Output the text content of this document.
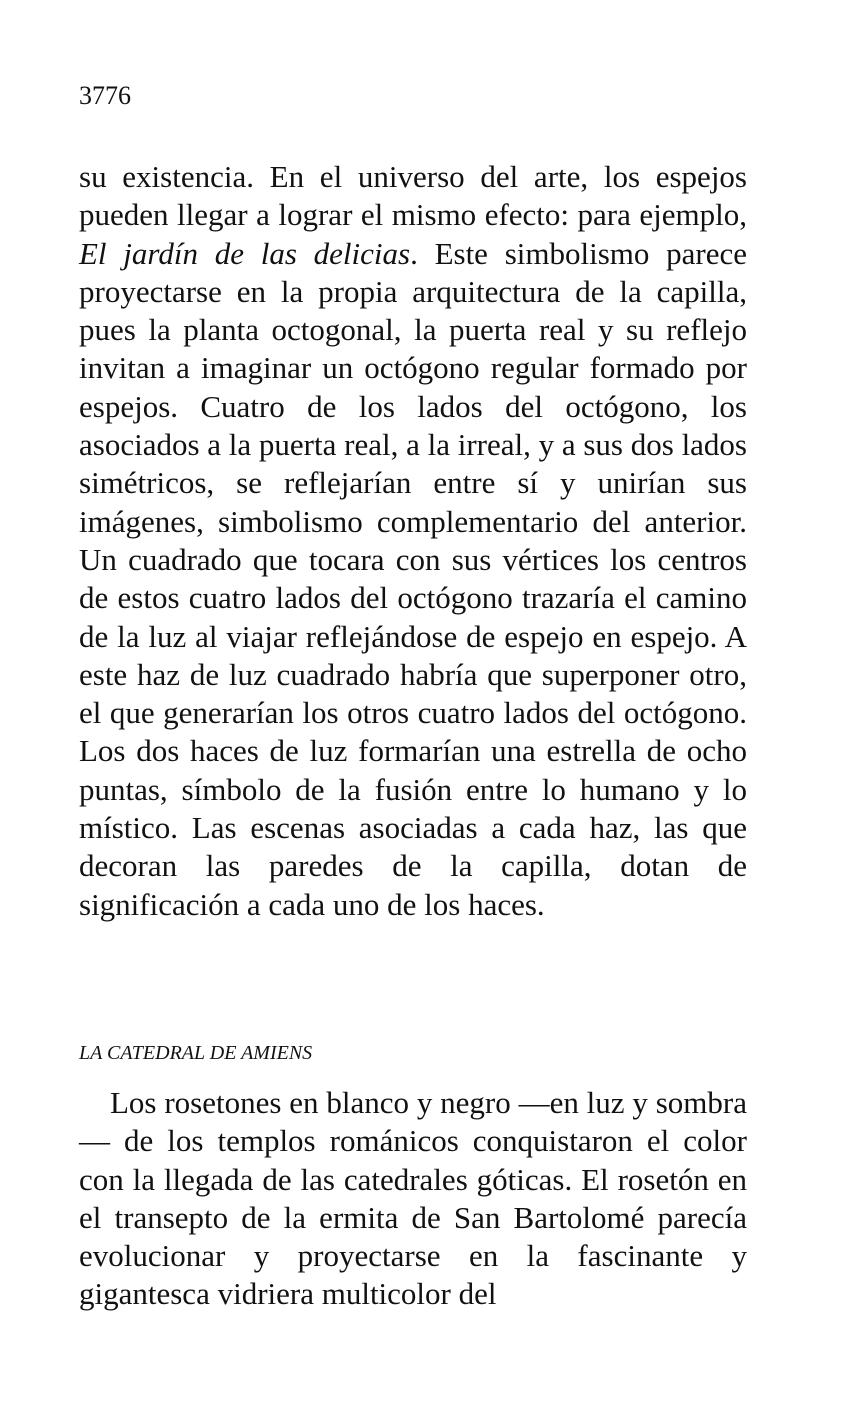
3776

su existencia. En el universo del arte, los espejos pueden llegar a lograr el mismo efecto: para ejemplo, El jardín de las delicias. Este simbolismo parece proyectarse en la propia arquitectura de la capilla, pues la planta octogonal, la puerta real y su reflejo invitan a imaginar un octógono regular formado por espejos. Cuatro de los lados del octógono, los asociados a la puerta real, a la irreal, y a sus dos lados simétricos, se reflejarían entre sí y unirían sus imágenes, simbolismo complementario del anterior. Un cuadrado que tocara con sus vértices los centros de estos cuatro lados del octógono trazaría el camino de la luz al viajar reflejándose de espejo en espejo. A este haz de luz cuadrado habría que superponer otro, el que generarían los otros cuatro lados del octógono. Los dos haces de luz formarían una estrella de ocho puntas, símbolo de la fusión entre lo humano y lo místico. Las escenas asociadas a cada haz, las que decoran las paredes de la capilla, dotan de significación a cada uno de los haces.

LA CATEDRAL DE AMIENS

Los rosetones en blanco y negro —en luz y sombra— de los templos románicos conquistaron el color con la llegada de las catedrales góticas. El rosetón en el transepto de la ermita de San Bartolomé parecía evolucionar y proyectarse en la fascinante y gigantesca vidriera multicolor del
